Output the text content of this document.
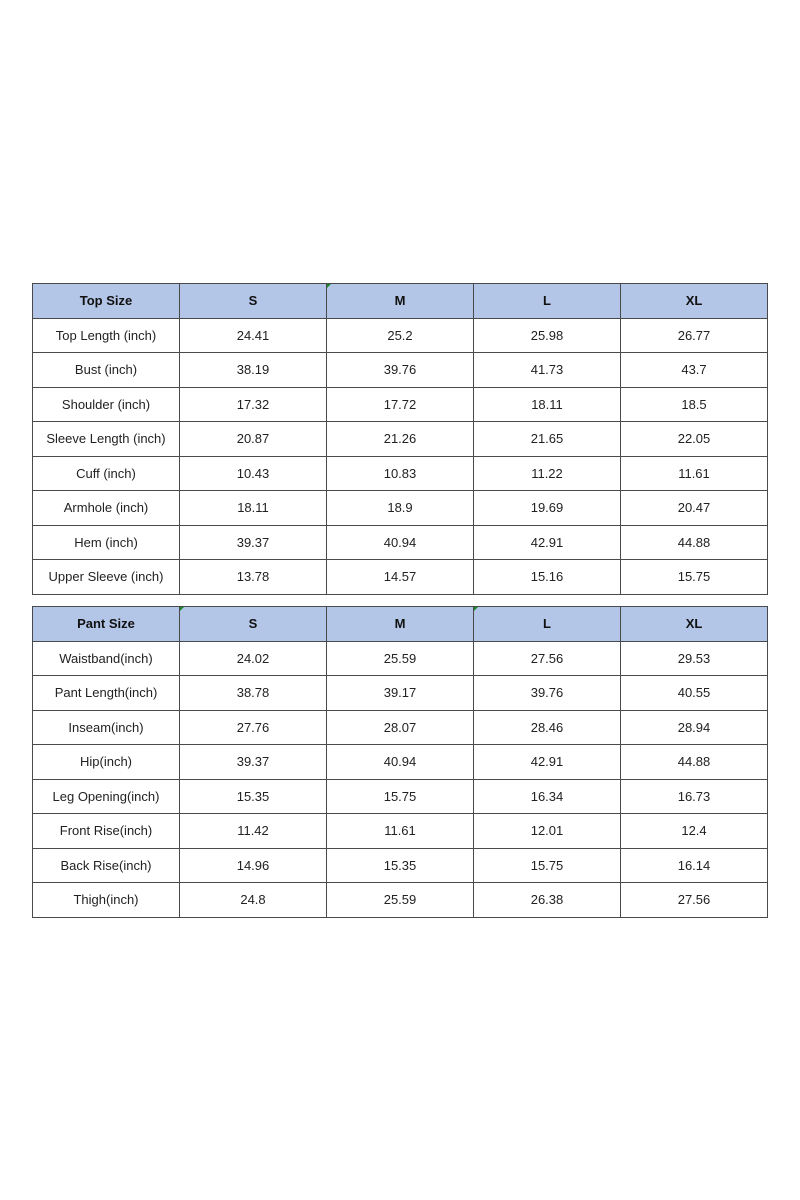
Top Size	S	M	L	XL
Top Length (inch)	24.41	25.2	25.98	26.77
Bust (inch)	38.19	39.76	41.73	43.7
Shoulder (inch)	17.32	17.72	18.11	18.5
Sleeve Length (inch)	20.87	21.26	21.65	22.05
Cuff (inch)	10.43	10.83	11.22	11.61
Armhole (inch)	18.11	18.9	19.69	20.47
Hem (inch)	39.37	40.94	42.91	44.88
Upper Sleeve (inch)	13.78	14.57	15.16	15.75
Pant Size	S	M	L	XL
Waistband(inch)	24.02	25.59	27.56	29.53
Pant Length(inch)	38.78	39.17	39.76	40.55
Inseam(inch)	27.76	28.07	28.46	28.94
Hip(inch)	39.37	40.94	42.91	44.88
Leg Opening(inch)	15.35	15.75	16.34	16.73
Front Rise(inch)	11.42	11.61	12.01	12.4
Back Rise(inch)	14.96	15.35	15.75	16.14
Thigh(inch)	24.8	25.59	26.38	27.56
